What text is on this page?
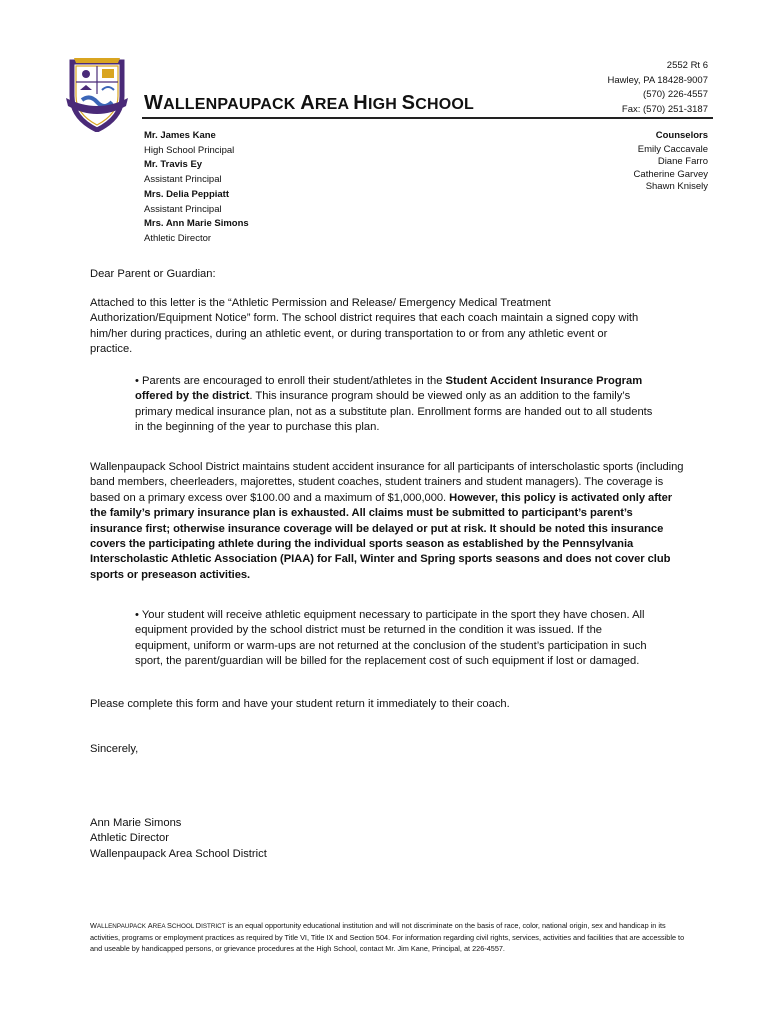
WALLENPAUPACK AREA HIGH SCHOOL
2552 Rt 6
Hawley, PA 18428-9007
(570) 226-4557
Fax: (570) 251-3187
Mr. James Kane
High School Principal
Mr. Travis Ey
Assistant Principal
Mrs. Delia Peppiatt
Assistant Principal
Mrs. Ann Marie Simons
Athletic Director
Counselors
Emily Caccavale
Diane Farro
Catherine Garvey
Shawn Knisely

Dear Parent or Guardian:

Attached to this letter is the “Athletic Permission and Release/ Emergency Medical Treatment Authorization/Equipment Notice” form. The school district requires that each coach maintain a signed copy with him/her during practices, during an athletic event, or during transportation to or from any athletic event or practice.

• Parents are encouraged to enroll their student/athletes in the Student Accident Insurance Program offered by the district. This insurance program should be viewed only as an addition to the family’s primary medical insurance plan, not as a substitute plan. Enrollment forms are handed out to all students in the beginning of the year to purchase this plan.

Wallenpaupack School District maintains student accident insurance for all participants of interscholastic sports (including band members, cheerleaders, majorettes, student coaches, student trainers and student managers). The coverage is based on a primary excess over $100.00 and a maximum of $1,000,000. However, this policy is activated only after the family’s primary insurance plan is exhausted. All claims must be submitted to participant’s parent’s insurance first; otherwise insurance coverage will be delayed or put at risk. It should be noted this insurance covers the participating athlete during the individual sports season as established by the Pennsylvania Interscholastic Athletic Association (PIAA) for Fall, Winter and Spring sports seasons and does not cover club sports or preseason activities.

• Your student will receive athletic equipment necessary to participate in the sport they have chosen. All equipment provided by the school district must be returned in the condition it was issued. If the equipment, uniform or warm-ups are not returned at the conclusion of the student’s participation in such sport, the parent/guardian will be billed for the replacement cost of such equipment if lost or damaged.

Please complete this form and have your student return it immediately to their coach.

Sincerely,

Ann Marie Simons
Athletic Director
Wallenpaupack Area School District

WALLENPAUPACK AREA SCHOOL DISTRICT is an equal opportunity educational institution and will not discriminate on the basis of race, color, national origin, sex and handicap in its activities, programs or employment practices as required by Title VI, Title IX and Section 504. For information regarding civil rights, services, activities and facilities that are accessible to and useable by handicapped persons, or grievance procedures at the High School, contact Mr. Jim Kane, Principal, at 226-4557.
